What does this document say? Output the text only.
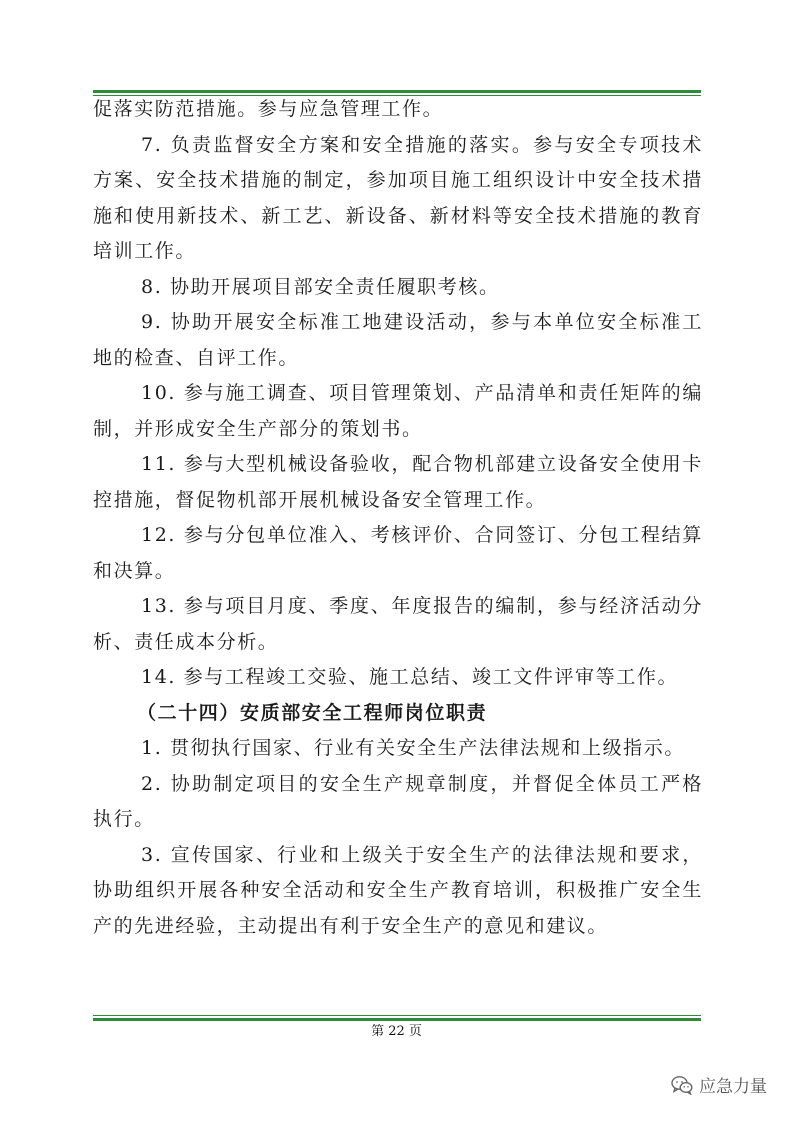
促落实防范措施。参与应急管理工作。

7. 负责监督安全方案和安全措施的落实。参与安全专项技术方案、安全技术措施的制定，参加项目施工组织设计中安全技术措施和使用新技术、新工艺、新设备、新材料等安全技术措施的教育培训工作。

8. 协助开展项目部安全责任履职考核。

9. 协助开展安全标准工地建设活动，参与本单位安全标准工地的检查、自评工作。

10. 参与施工调查、项目管理策划、产品清单和责任矩阵的编制，并形成安全生产部分的策划书。

11. 参与大型机械设备验收，配合物机部建立设备安全使用卡控措施，督促物机部开展机械设备安全管理工作。

12. 参与分包单位准入、考核评价、合同签订、分包工程结算和决算。

13. 参与项目月度、季度、年度报告的编制，参与经济活动分析、责任成本分析。

14. 参与工程竣工交验、施工总结、竣工文件评审等工作。

（二十四）安质部安全工程师岗位职责

1. 贯彻执行国家、行业有关安全生产法律法规和上级指示。

2. 协助制定项目的安全生产规章制度，并督促全体员工严格执行。

3. 宣传国家、行业和上级关于安全生产的法律法规和要求，协助组织开展各种安全活动和安全生产教育培训，积极推广安全生产的先进经验，主动提出有利于安全生产的意见和建议。

第 22 页
应急力量
